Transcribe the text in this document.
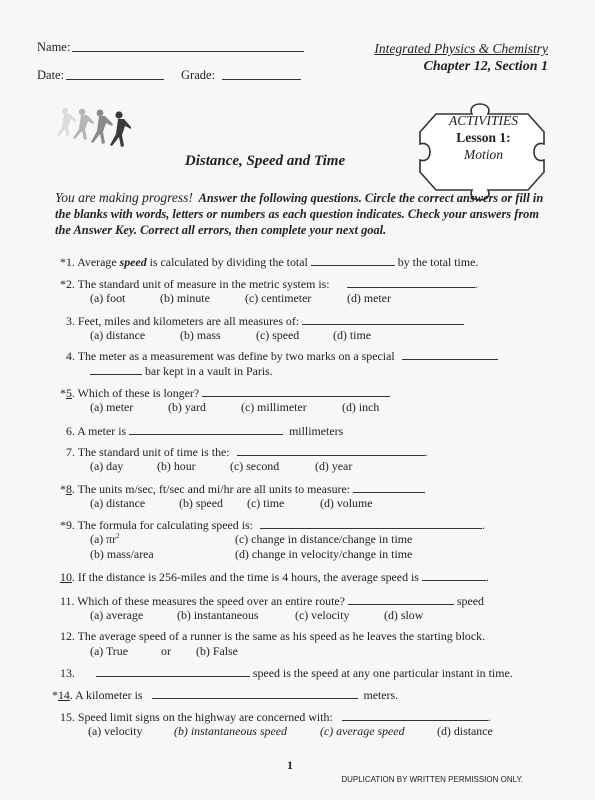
Name:
Date:	Grade:
Integrated Physics & Chemistry
Chapter 12, Section 1
ACTIVITIES
Lesson 1:
Motion
Distance, Speed and Time
You are making progress! Answer the following questions. Circle the correct answers or fill in the blanks with words, letters or numbers as each question indicates. Check your answers from the Answer Key. Correct all errors, then complete your next goal.
*1. Average speed is calculated by dividing the total	by the total time.
*2. The standard unit of measure in the metric system is:	.
(a) foot	(b) minute	(c) centimeter	(d) meter
3. Feet, miles and kilometers are all measures of:
(a) distance	(b) mass	(c) speed	(d) time
4. The meter as a measurement was define by two marks on a special
bar kept in a vault in Paris.
*5. Which of these is longer?
(a) meter	(b) yard	(c) millimeter	(d) inch
6. A meter is	millimeters
7. The standard unit of time is the:	.
(a) day	(b) hour	(c) second	(d) year
*8. The units m/sec, ft/sec and mi/hr are all units to measure:
(a) distance	(b) speed (c) time	(d) volume
*9. The formula for calculating speed is:	.
(a) $\pi r^2$	(c) change in distance/change in time
(b) mass/area	(d) change in velocity/change in time
10. If the distance is 256-miles and the time is 4 hours, the average speed is	.
11. Which of these measures the speed over an entire route?	speed
(a) average	(b) instantaneous	(c) velocity	(d) slow
12. The average speed of a runner is the same as his speed as he leaves the starting block.
(a) True	or (b) False
13.	speed is the speed at any one particular instant in time.
*14. A kilometer is	meters.
15. Speed limit signs on the highway are concerned with:	.
(a) velocity	(b) instantaneous speed	(c) average speed	(d) distance
1
DUPLICATION BY WRITTEN PERMISSION ONLY.
